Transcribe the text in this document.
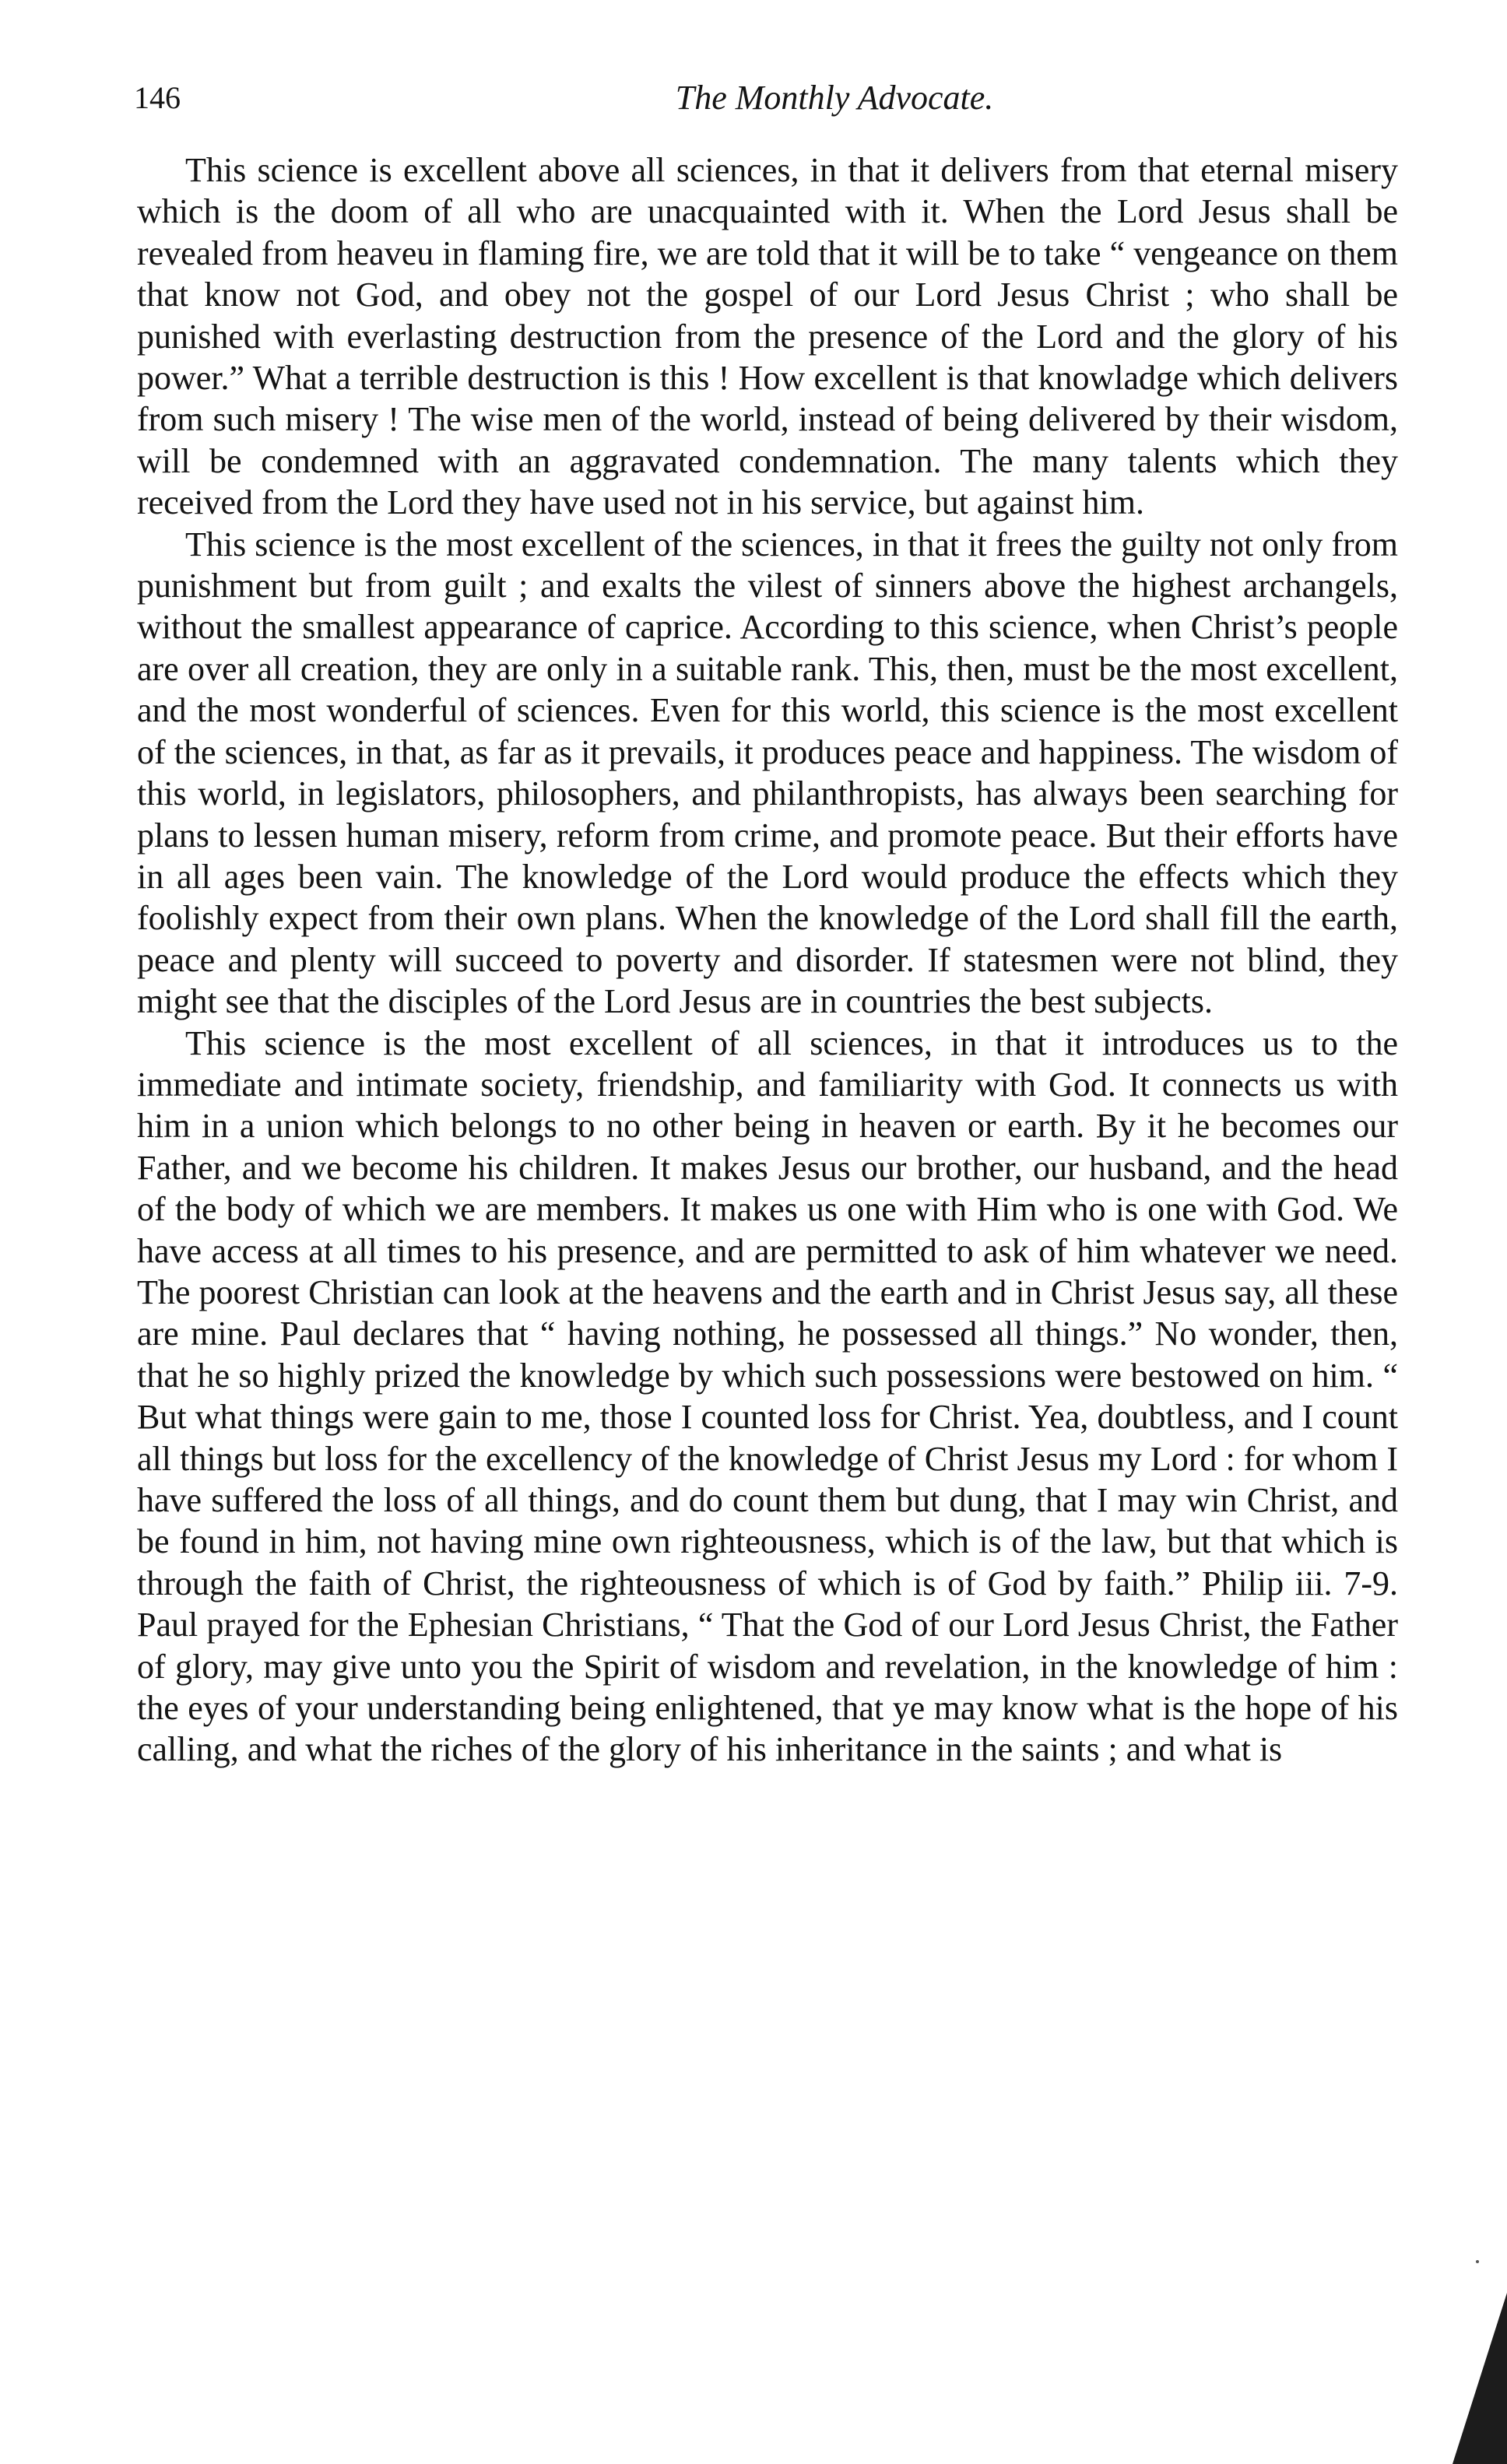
146	The Monthly Advocate.

This science is excellent above all sciences, in that it delivers from that eternal misery which is the doom of all who are unacquainted with it. When the Lord Jesus shall be revealed from heaveu in flaming fire, we are told that it will be to take “ vengeance on them that know not God, and obey not the gospel of our Lord Jesus Christ ; who shall be punished with everlasting destruction from the presence of the Lord and the glory of his power.” What a terrible destruction is this ! How excellent is that knowladge which delivers from such misery ! The wise men of the world, instead of being delivered by their wisdom, will be condemned with an aggravated condemnation. The many talents which they received from the Lord they have used not in his service, but against him.

This science is the most excellent of the sciences, in that it frees the guilty not only from punishment but from guilt ; and exalts the vilest of sinners above the highest archangels, without the smallest appearance of caprice. According to this science, when Christ’s people are over all creation, they are only in a suitable rank. This, then, must be the most excellent, and the most wonderful of sciences. Even for this world, this science is the most excellent of the sciences, in that, as far as it prevails, it produces peace and happiness. The wisdom of this world, in legislators, philosophers, and philanthropists, has always been searching for plans to lessen human misery, reform from crime, and promote peace. But their efforts have in all ages been vain. The knowledge of the Lord would produce the effects which they foolishly expect from their own plans. When the knowledge of the Lord shall fill the earth, peace and plenty will succeed to poverty and disorder. If statesmen were not blind, they might see that the disciples of the Lord Jesus are in countries the best subjects.

This science is the most excellent of all sciences, in that it introduces us to the immediate and intimate society, friendship, and familiarity with God. It connects us with him in a union which belongs to no other being in heaven or earth. By it he becomes our Father, and we become his children. It makes Jesus our brother, our husband, and the head of the body of which we are members. It makes us one with Him who is one with God. We have access at all times to his presence, and are permitted to ask of him whatever we need. The poorest Christian can look at the heavens and the earth and in Christ Jesus say, all these are mine. Paul declares that “ having nothing, he possessed all things.” No wonder, then, that he so highly prized the knowledge by which such possessions were bestowed on him. “ But what things were gain to me, those I counted loss for Christ. Yea, doubtless, and I count all things but loss for the excellency of the knowledge of Christ Jesus my Lord : for whom I have suffered the loss of all things, and do count them but dung, that I may win Christ, and be found in him, not having mine own righteousness, which is of the law, but that which is through the faith of Christ, the righteousness of which is of God by faith.” Philip iii. 7-9. Paul prayed for the Ephesian Christians, “ That the God of our Lord Jesus Christ, the Father of glory, may give unto you the Spirit of wisdom and revelation, in the knowledge of him : the eyes of your understanding being enlightened, that ye may know what is the hope of his calling, and what the riches of the glory of his inheritance in the saints ; and what is
